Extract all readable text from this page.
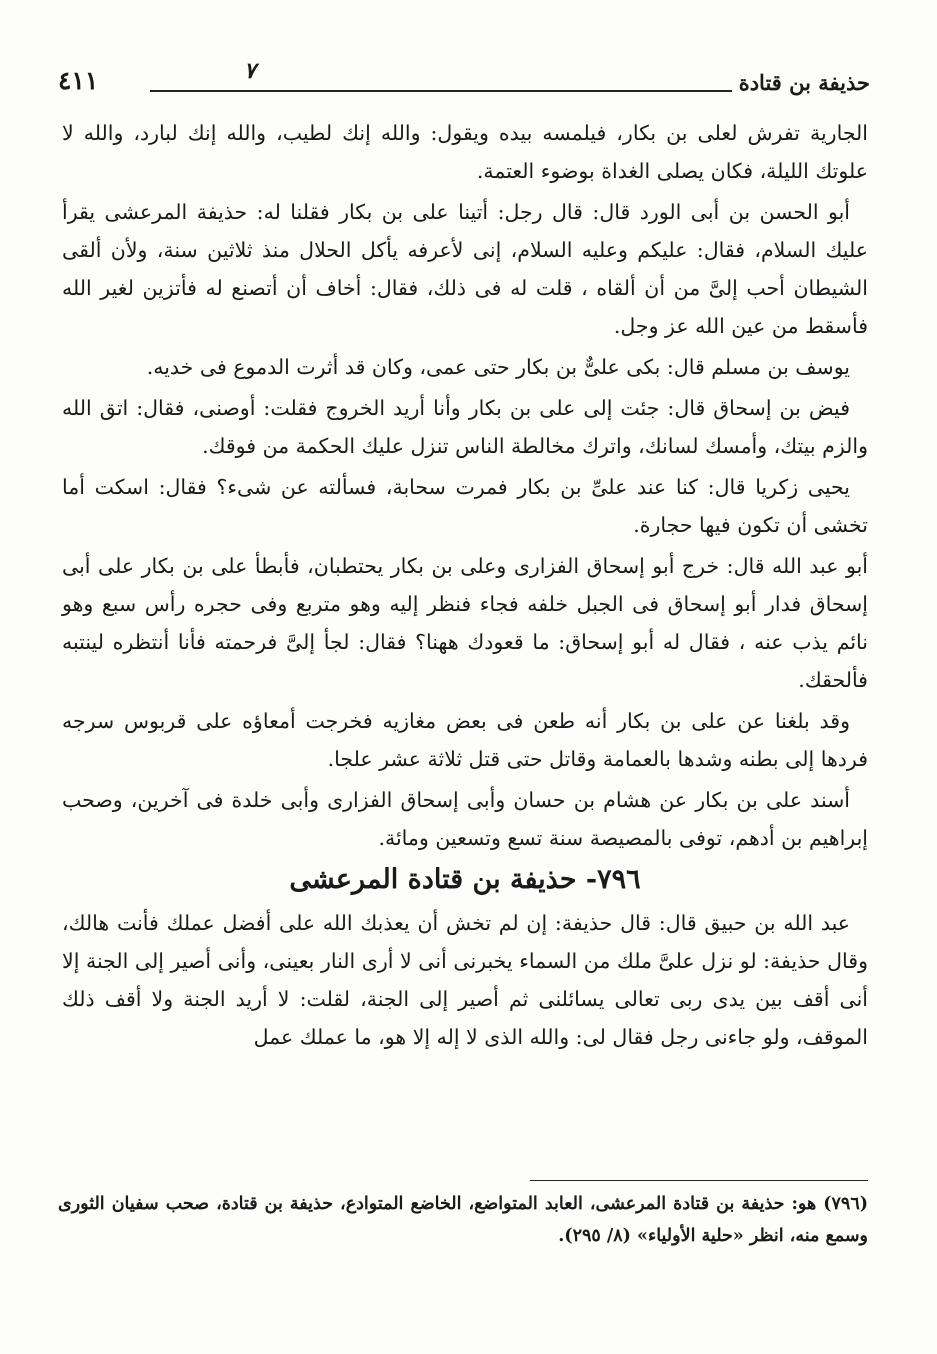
حذيفة بن قتادة
٧
٤١١

الجارية تفرش لعلى بن بكار، فيلمسه بيده ويقول: والله إنك لطيب، والله إنك لبارد، والله لا علوتك الليلة، فكان يصلى الغداة بوضوء العتمة.

أبو الحسن بن أبى الورد قال: قال رجل: أتينا على بن بكار فقلنا له: حذيفة المرعشى يقرأ عليك السلام، فقال: عليكم وعليه السلام، إنى لأعرفه يأكل الحلال منذ ثلاثين سنة، ولأن ألقى الشيطان أحب إلىَّ من أن ألقاه ، قلت له فى ذلك، فقال: أخاف أن أتصنع له فأتزين لغير الله فأسقط من عين الله عز وجل.

يوسف بن مسلم قال: بكى علىٌّ بن بكار حتى عمى، وكان قد أثرت الدموع فى خديه.

فيض بن إسحاق قال: جئت إلى على بن بكار وأنا أريد الخروج فقلت: أوصنى، فقال: اتق الله والزم بيتك، وأمسك لسانك، واترك مخالطة الناس تنزل عليك الحكمة من فوقك.

يحيى زكريا قال: كنا عند علىِّ بن بكار فمرت سحابة، فسألته عن شىء؟ فقال: اسكت أما تخشى أن تكون فيها حجارة.

أبو عبد الله قال: خرج أبو إسحاق الفزارى وعلى بن بكار يحتطبان، فأبطأ على بن بكار على أبى إسحاق فدار أبو إسحاق فى الجبل خلفه فجاء فنظر إليه وهو متربع وفى حجره رأس سبع وهو نائم يذب عنه ، فقال له أبو إسحاق: ما قعودك ههنا؟ فقال: لجأ إلىَّ فرحمته فأنا أنتظره لينتبه فألحقك.

وقد بلغنا عن على بن بكار أنه طعن فى بعض مغازيه فخرجت أمعاؤه على قربوس سرجه فردها إلى بطنه وشدها بالعمامة وقاتل حتى قتل ثلاثة عشر علجا.

أسند على بن بكار عن هشام بن حسان وأبى إسحاق الفزارى وأبى خلدة فى آخرين، وصحب إبراهيم بن أدهم، توفى بالمصيصة سنة تسع وتسعين ومائة.

٧٩٦- حذيفة بن قتادة المرعشى

عبد الله بن حبيق قال: قال حذيفة: إن لم تخش أن يعذبك الله على أفضل عملك فأنت هالك، وقال حذيفة: لو نزل علىَّ ملك من السماء يخبرنى أنى لا أرى النار بعينى، وأنى أصير إلى الجنة إلا أنى أقف بين يدى ربى تعالى يسائلنى ثم أصير إلى الجنة، لقلت: لا أريد الجنة ولا أقف ذلك الموقف، ولو جاءنى رجل فقال لى: والله الذى لا إله إلا هو، ما عملك عمل

(٧٩٦) هو: حذيفة بن قتادة المرعشى، العابد المتواضع، الخاضع المتوادع، حذيفة بن قتادة، صحب سفيان الثورى وسمع منه، انظر «حلية الأولياء» (٨/ ٢٩٥).
